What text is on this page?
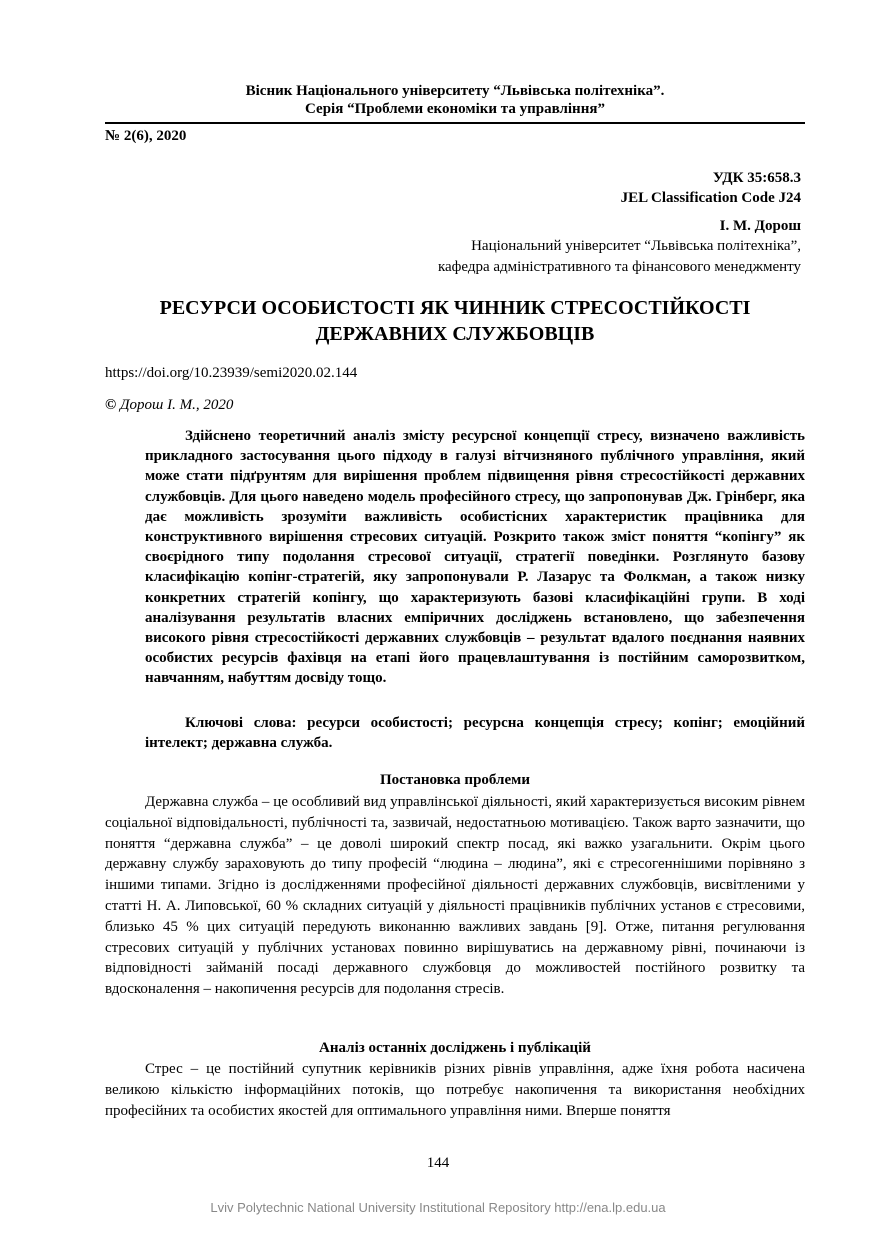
Вісник Національного університету “Львівська політехніка”.
Серія “Проблеми економіки та управління”
№ 2(6), 2020
УДК 35:658.3
JEL Classification Code J24
І. М. Дорош
Національний університет “Львівська політехніка”,
кафедра адміністративного та фінансового менеджменту
РЕСУРСИ ОСОБИСТОСТІ ЯК ЧИННИК СТРЕСОСТІЙКОСТІ
ДЕРЖАВНИХ СЛУЖБОВЦІВ
https://doi.org/10.23939/semi2020.02.144
© Дорош І. М., 2020
Здійснено теоретичний аналіз змісту ресурсної концепції стресу, визначено важливість прикладного застосування цього підходу в галузі вітчизняного публічного управління, який може стати підґрунтям для вирішення проблем підвищення рівня стресостійкості державних службовців. Для цього наведено модель професійного стресу, що запропонував Дж. Грінберг, яка дає можливість зрозуміти важливість особистісних характеристик працівника для конструктивного вирішення стресових ситуацій. Розкрито також зміст поняття “копінгу” як своєрідного типу подолання стресової ситуації, стратегії поведінки. Розглянуто базову класифікацію копінг-стратегій, яку запропонували Р. Лазарус та Фолкман, а також низку конкретних стратегій копінгу, що характеризують базові класифікаційні групи. В ході аналізування результатів власних емпіричних досліджень встановлено, що забезпечення високого рівня стресостійкості державних службовців – результат вдалого поєднання наявних особистих ресурсів фахівця на етапі його працевлаштування із постійним саморозвитком, навчанням, набуттям досвіду тощо.
Ключові слова: ресурси особистості; ресурсна концепція стресу; копінг; емоційний інтелект; державна служба.
Постановка проблеми
Державна служба – це особливий вид управлінської діяльності, який характеризується високим рівнем соціальної відповідальності, публічності та, зазвичай, недостатньою мотивацією. Також варто зазначити, що поняття “державна служба” – це доволі широкий спектр посад, які важко узагальнити. Окрім цього державну службу зараховують до типу професій “людина – людина”, які є стресогеннішими порівняно з іншими типами. Згідно із дослідженнями професійної діяльності державних службовців, висвітленими у статті Н. А. Липовської, 60 % складних ситуацій у діяльності працівників публічних установ є стресовими, близько 45 % цих ситуацій передують виконанню важливих завдань [9]. Отже, питання регулювання стресових ситуацій у публічних установах повинно вирішуватись на державному рівні, починаючи із відповідності займаній посаді державного службовця до можливостей постійного розвитку та вдосконалення – накопичення ресурсів для подолання стресів.
Аналіз останніх досліджень і публікацій
Стрес – це постійний супутник керівників різних рівнів управління, адже їхня робота насичена великою кількістю інформаційних потоків, що потребує накопичення та використання необхідних професійних та особистих якостей для оптимального управління ними. Вперше поняття
144
Lviv Polytechnic National University Institutional Repository http://ena.lp.edu.ua
